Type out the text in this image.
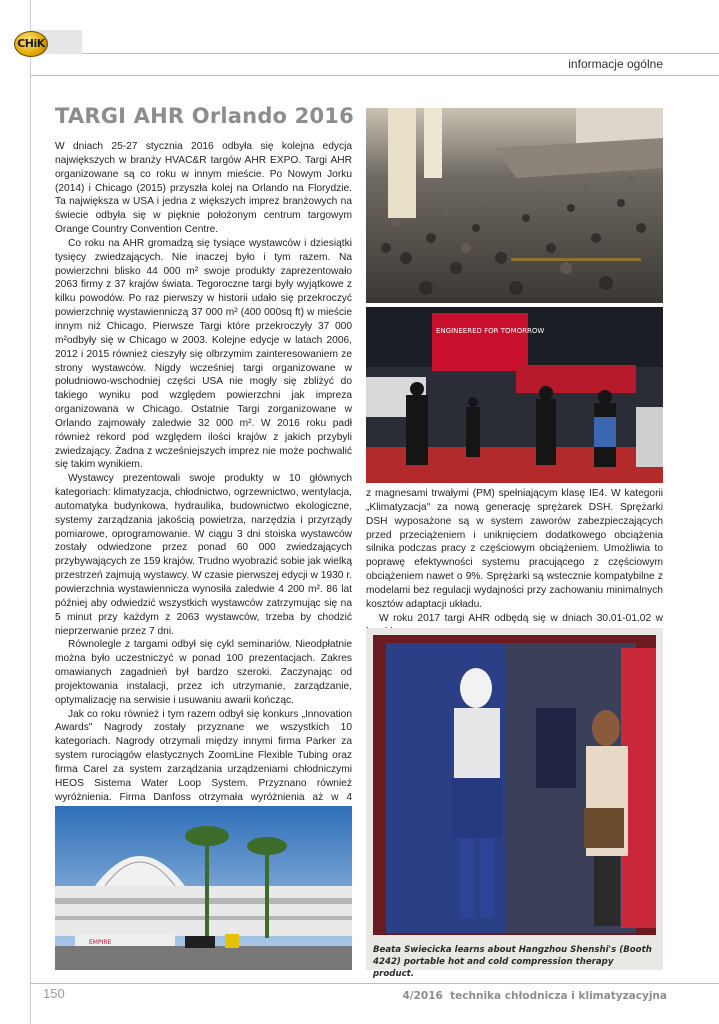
CHiK
informacje ogólne
TARGI AHR Orlando 2016

W dniach 25-27 stycznia 2016 odbyła się kolejna edycja największych w branży HVAC&R targów AHR EXPO. Targi AHR organizowane są co roku w innym mieście. Po Nowym Jorku (2014) i Chicago (2015) przyszła kolej na Orlando na Florydzie. Ta największa w USA i jedna z większych imprez branżowych na świecie odbyła się w pięknie położonym centrum targowym Orange Country Convention Centre.

Co roku na AHR gromadzą się tysiące wystawców i dziesiątki tysięcy zwiedzających. Nie inaczej było i tym razem. Na powierzchni blisko 44 000 m² swoje produkty zaprezentowało 2063 firmy z 37 krajów świata. Tegoroczne targi były wyjątkowe z kilku powodów. Po raz pierwszy w historii udało się przekroczyć powierzchnię wystawienniczą 37 000 m² (400 000sq ft) w mieście innym niż Chicago. Pierwsze Targi które przekroczyły 37 000 m²odbyły się w Chicago w 2003. Kolejne edycje w latach 2006, 2012 i 2015 również cieszyły się olbrzymim zainteresowaniem ze strony wystawców. Nigdy wcześniej targi organizowane w południowo-wschodniej części USA nie mogły się zbliżyć do takiego wyniku pod względem powierzchni jak impreza organizowana w Chicago. Ostatnie Targi zorganizowane w Orlando zajmowały zaledwie 32 000 m². W 2016 roku padł również rekord pod względem ilości krajów z jakich przybyli zwiedzający. Żadna z wcześniejszych imprez nie może pochwalić się takim wynikiem.

Wystawcy prezentowali swoje produkty w 10 głównych kategoriach: klimatyzacja, chłodnictwo, ogrzewnictwo, wentylacja, automatyka budynkowa, hydraulika, budownictwo ekologiczne, systemy zarządzania jakością powietrza, narzędzia i przyrządy pomiarowe, oprogramowanie. W ciągu 3 dni stoiska wystawców zostały odwiedzone przez ponad 60 000 zwiedzających przybywających ze 159 krajów. Trudno wyobrazić sobie jak wielką przestrzeń zajmują wystawcy. W czasie pierwszej edycji w 1930 r. powierzchnia wystawiennicza wynosiła zaledwie 4 200 m². 86 lat później aby odwiedzić wszystkich wystawców zatrzymując się na 5 minut przy każdym z 2063 wystawców, trzeba by chodzić nieprzerwanie przez 7 dni.

Równolegle z targami odbył się cykl seminariów. Nieodpłatnie można było uczestniczyć w ponad 100 prezentacjach. Zakres omawianych zagadnień był bardzo szeroki. Zaczynając od projektowania instalacji, przez ich utrzymanie, zarządzanie, optymalizację na serwisie i usuwaniu awarii kończąc.

Jak co roku również i tym razem odbył się konkurs „Innovation Awards" Nagrody zostały przyznane we wszystkich 10 kategoriach. Nagrody otrzymali między innymi firma Parker za system rurociągów elastycznych ZoomLine Flexible Tubing oraz firma Carel za system zarządzania urządzeniami chłodniczymi HEOS Sistema Water Loop System. Przyznano również wyróżnienia. Firma Danfoss otrzymała wyróżnienia aż w 4

z magnesami trwałymi (PM) spełniającym klasę IE4. W kategorii „Klimatyzacja" za nową generację sprężarek DSH. Sprężarki DSH wyposażone są w system zaworów zabezpieczających przed przeciążeniem i uniknięciem dodatkowego obciążenia silnika podczas pracy z częściowym obciążeniem. Umożliwia to poprawę efektywności systemu pracującego z częściowym obciążeniem nawet o 9%. Sprężarki są wstecznie kompatybilne z modelami bez regulacji wydajności przy zachowaniu minimalnych kosztów adaptacji układu.

W roku 2017 targi AHR odbędą się w dniach 30.01-01.02 w

ENGINEERED FOR TOMORROW
EMPIRE
Beata Swiecicka learns about Hangzhou Shenshi's (Booth 4242) portable hot and cold compression therapy product.
150	4/2016 technika chłodnicza i klimatyzacyjna
